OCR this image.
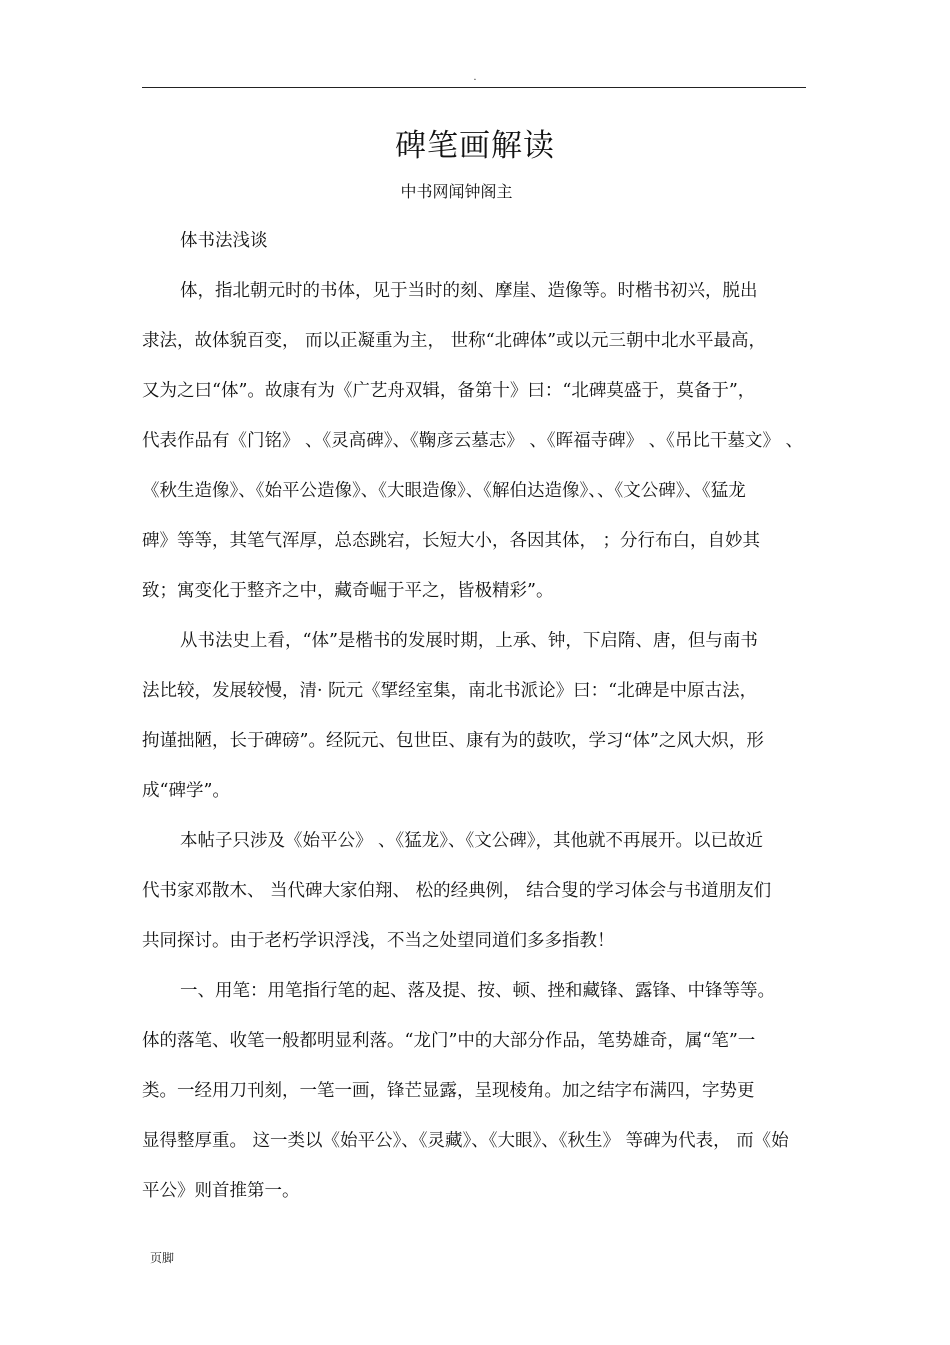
.
碑笔画解读
中书网闻钟阁主
体书法浅谈
体，指北朝元时的书体，见于当时的刻、摩崖、造像等。时楷书初兴，脱出
隶法，故体貌百变， 而以正凝重为主， 世称“北碑体”或以元三朝中北水平最高，
又为之曰“体”。故康有为《广艺舟双辑，备第十》曰：“北碑莫盛于，莫备于”，
代表作品有《门铭》 、《灵高碑》、《鞠彦云墓志》 、《晖福寺碑》 、《吊比干墓文》 、
《秋生造像》、《始平公造像》、《大眼造像》、《解伯达造像》、、《文公碑》、《猛龙
碑》等等，其笔气浑厚，总态跳宕，长短大小，各因其体， ；分行布白，自妙其
致；寓变化于整齐之中，藏奇崛于平之，皆极精彩”。
从书法史上看，“体”是楷书的发展时期，上承、钟，下启隋、唐，但与南书
法比较，发展较慢，清· 阮元《揅经室集，南北书派论》曰：“北碑是中原古法，
拘谨拙陋，长于碑磅”。经阮元、包世臣、康有为的鼓吹，学习“体”之风大炽，形
成“碑学”。
本帖子只涉及《始平公》 、《猛龙》、《文公碑》，其他就不再展开。以已故近
代书家邓散木、 当代碑大家伯翔、 松的经典例， 结合叟的学习体会与书道朋友们
共同探讨。由于老朽学识浮浅，不当之处望同道们多多指教！
一、用笔：用笔指行笔的起、落及提、按、顿、挫和藏锋、露锋、中锋等等。
体的落笔、收笔一般都明显利落。“龙门”中的大部分作品，笔势雄奇，属“笔”一
类。一经用刀刊刻，一笔一画，锋芒显露，呈现棱角。加之结字布满四，字势更
显得整厚重。 这一类以《始平公》、《灵藏》、《大眼》、《秋生》 等碑为代表， 而《始
平公》则首推第一。
页脚
